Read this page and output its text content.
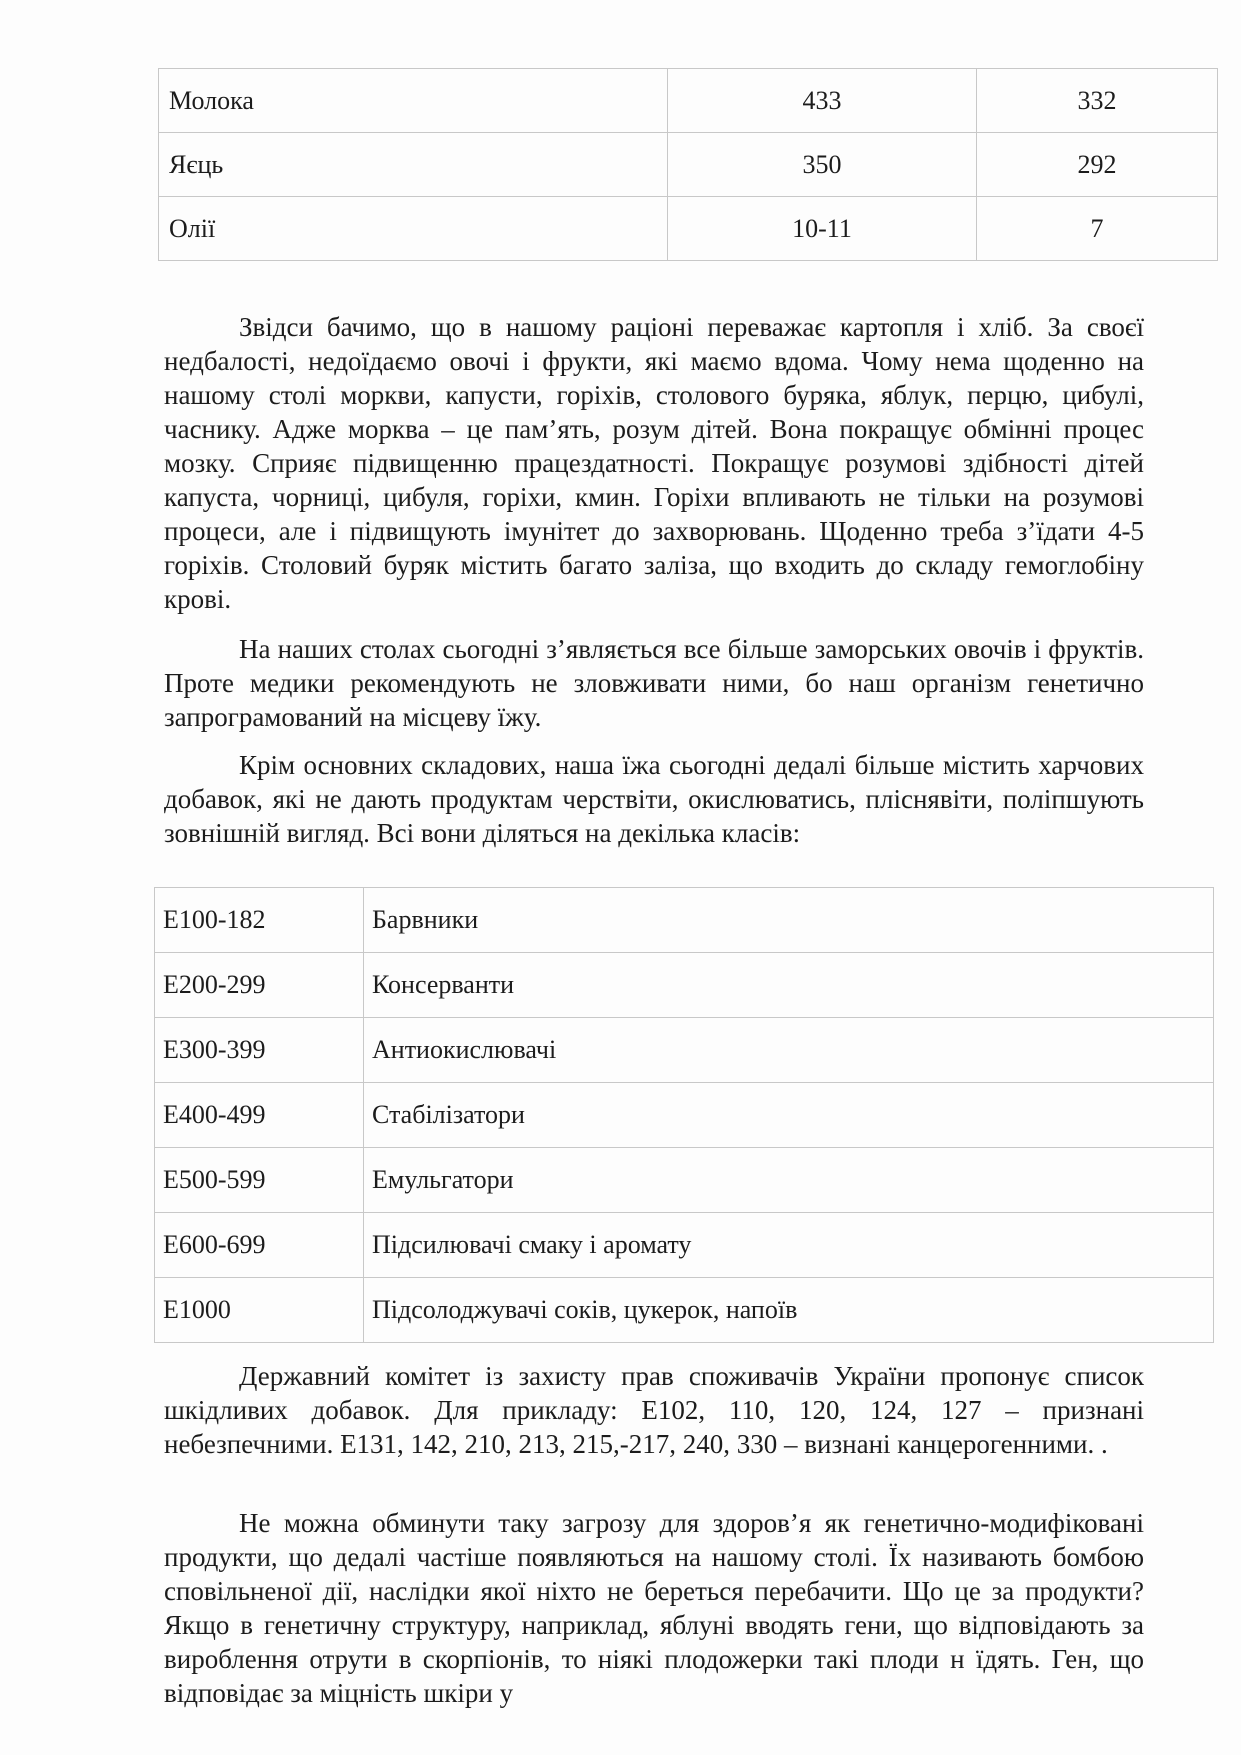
Молока	433	332
Яєць	350	292
Олії	10-11	7

Звідси бачимо, що в нашому раціоні переважає картопля і хліб. За своєї недбалості, недоїдаємо овочі і фрукти, які маємо вдома. Чому нема щоденно на нашому столі моркви, капусти, горіхів, столового буряка, яблук, перцю, цибулі, часнику. Адже морква – це пам’ять, розум дітей. Вона покращує обмінні процес мозку. Сприяє підвищенню працездатності. Покращує розумові здібності дітей капуста, чорниці, цибуля, горіхи, кмин. Горіхи впливають не тільки на розумові процеси, але і підвищують імунітет до захворювань. Щоденно треба з’їдати 4-5 горіхів. Столовий буряк містить багато заліза, що входить до складу гемоглобіну крові.

На наших столах сьогодні з’являється все більше заморських овочів і фруктів. Проте медики рекомендують не зловживати ними, бо наш організм генетично запрограмований на місцеву їжу.

Крім основних складових, наша їжа сьогодні дедалі більше містить харчових добавок, які не дають продуктам черствіти, окислюватись, пліснявіти, поліпшують зовнішній вигляд. Всі вони діляться на декілька класів:

Е100-182	Барвники
Е200-299	Консерванти
Е300-399	Антиокислювачі
Е400-499	Стабілізатори
Е500-599	Емульгатори
Е600-699	Підсилювачі смаку і аромату
Е1000	Підсолоджувачі соків, цукерок, напоїв

Державний комітет із захисту прав споживачів України пропонує список шкідливих добавок. Для прикладу: Е102, 110, 120, 124, 127 – признані небезпечними. Е131, 142, 210, 213, 215,-217, 240, 330 – визнані канцерогенними. .

Не можна обминути таку загрозу для здоров’я як генетично-модифіковані продукти, що дедалі частіше появляються на нашому столі. Їх називають бомбою сповільненої дії, наслідки якої ніхто не береться перебачити. Що це за продукти? Якщо в генетичну структуру, наприклад, яблуні вводять гени, що відповідають за вироблення отрути в скорпіонів, то ніякі плодожерки такі плоди н їдять. Ген, що відповідає за міцність шкіри у
